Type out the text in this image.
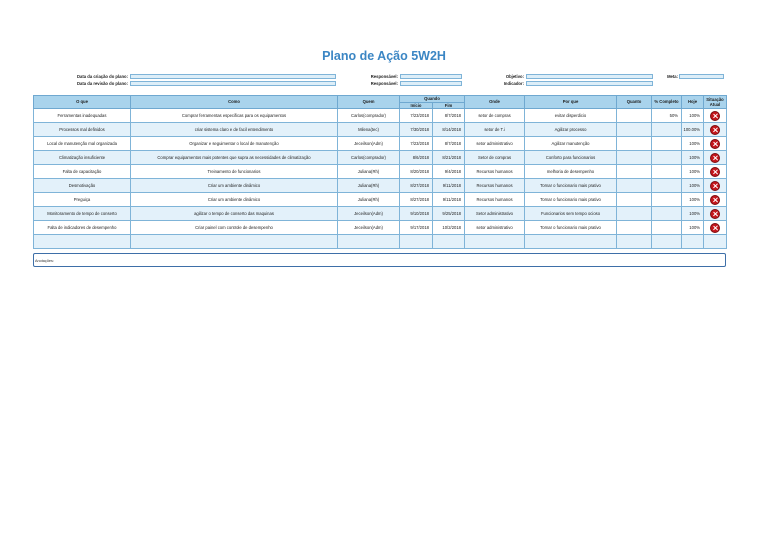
Plano de Ação 5W2H
Data da criação do plano:
Data da revisão do plano:
Responsável:
Responsável:
Objetivo:
Indicador:
Meta:
O que	Como	Quem	Quando		Onde	Por que	Quanto	% Completo	Hoje	Situação Atual
			Início	Fim						
Ferramentas inadequadas	Comprar ferramentas especificas para os equipamentos	Carlos(comprador)	7/23/2018	8/7/2018	setor de compras	evitar disperdicio		50%	100%	
Processos mal definidos	criar sistema claro e de facil entendimento	Milena(tec)	7/30/2018	8/14/2018	setor de T.i	Agilizar processo			100.00%	
Local de manutenção mal organizada	Organizar e seguimentar o local de manutenção	Jeceilson(Adm)	7/23/2018	8/7/2018	setor administrativo	Agilizar manutenção			100%	
Climatização insuficiente	Comprar equipamentos mais potentes que supra as necessidades de climatização	Carlos(comprador)	8/6/2018	8/21/2018	Setor de compras	Conforto para funcionarios			100%	
Falta de capacitação	Treinamento de funcionarios	Juliana(Rh)	8/20/2018	9/4/2018	Recursos humanos	melhoria de desempenho			100%	
Desmotivação	Criar um ambiente dinâmico	Juliana(Rh)	8/27/2018	9/11/2018	Recursos humanos	Tornar o funcionario mais prativo			100%	
Preguiça	Criar um ambiente dinâmico	Juliana(Rh)	8/27/2018	9/11/2018	Recursos humanos	Tornar o funcionario mais prativo			100%	
Monitoramento de tempo de conserto	agilizar o tempo de conserto das maquinas	Jeceilson(Adm)	9/10/2018	9/25/2018	Setor administrativo	Funcionarios sem tempo ocioso			100%	
Falta de indicadores de desempenho	Criar painel com controle de desempenho	Jeceilson(Adm)	9/17/2018	10/2/2018	setor administrativo	Tornar o funcionario mais prativo			100%	

Anotações:
